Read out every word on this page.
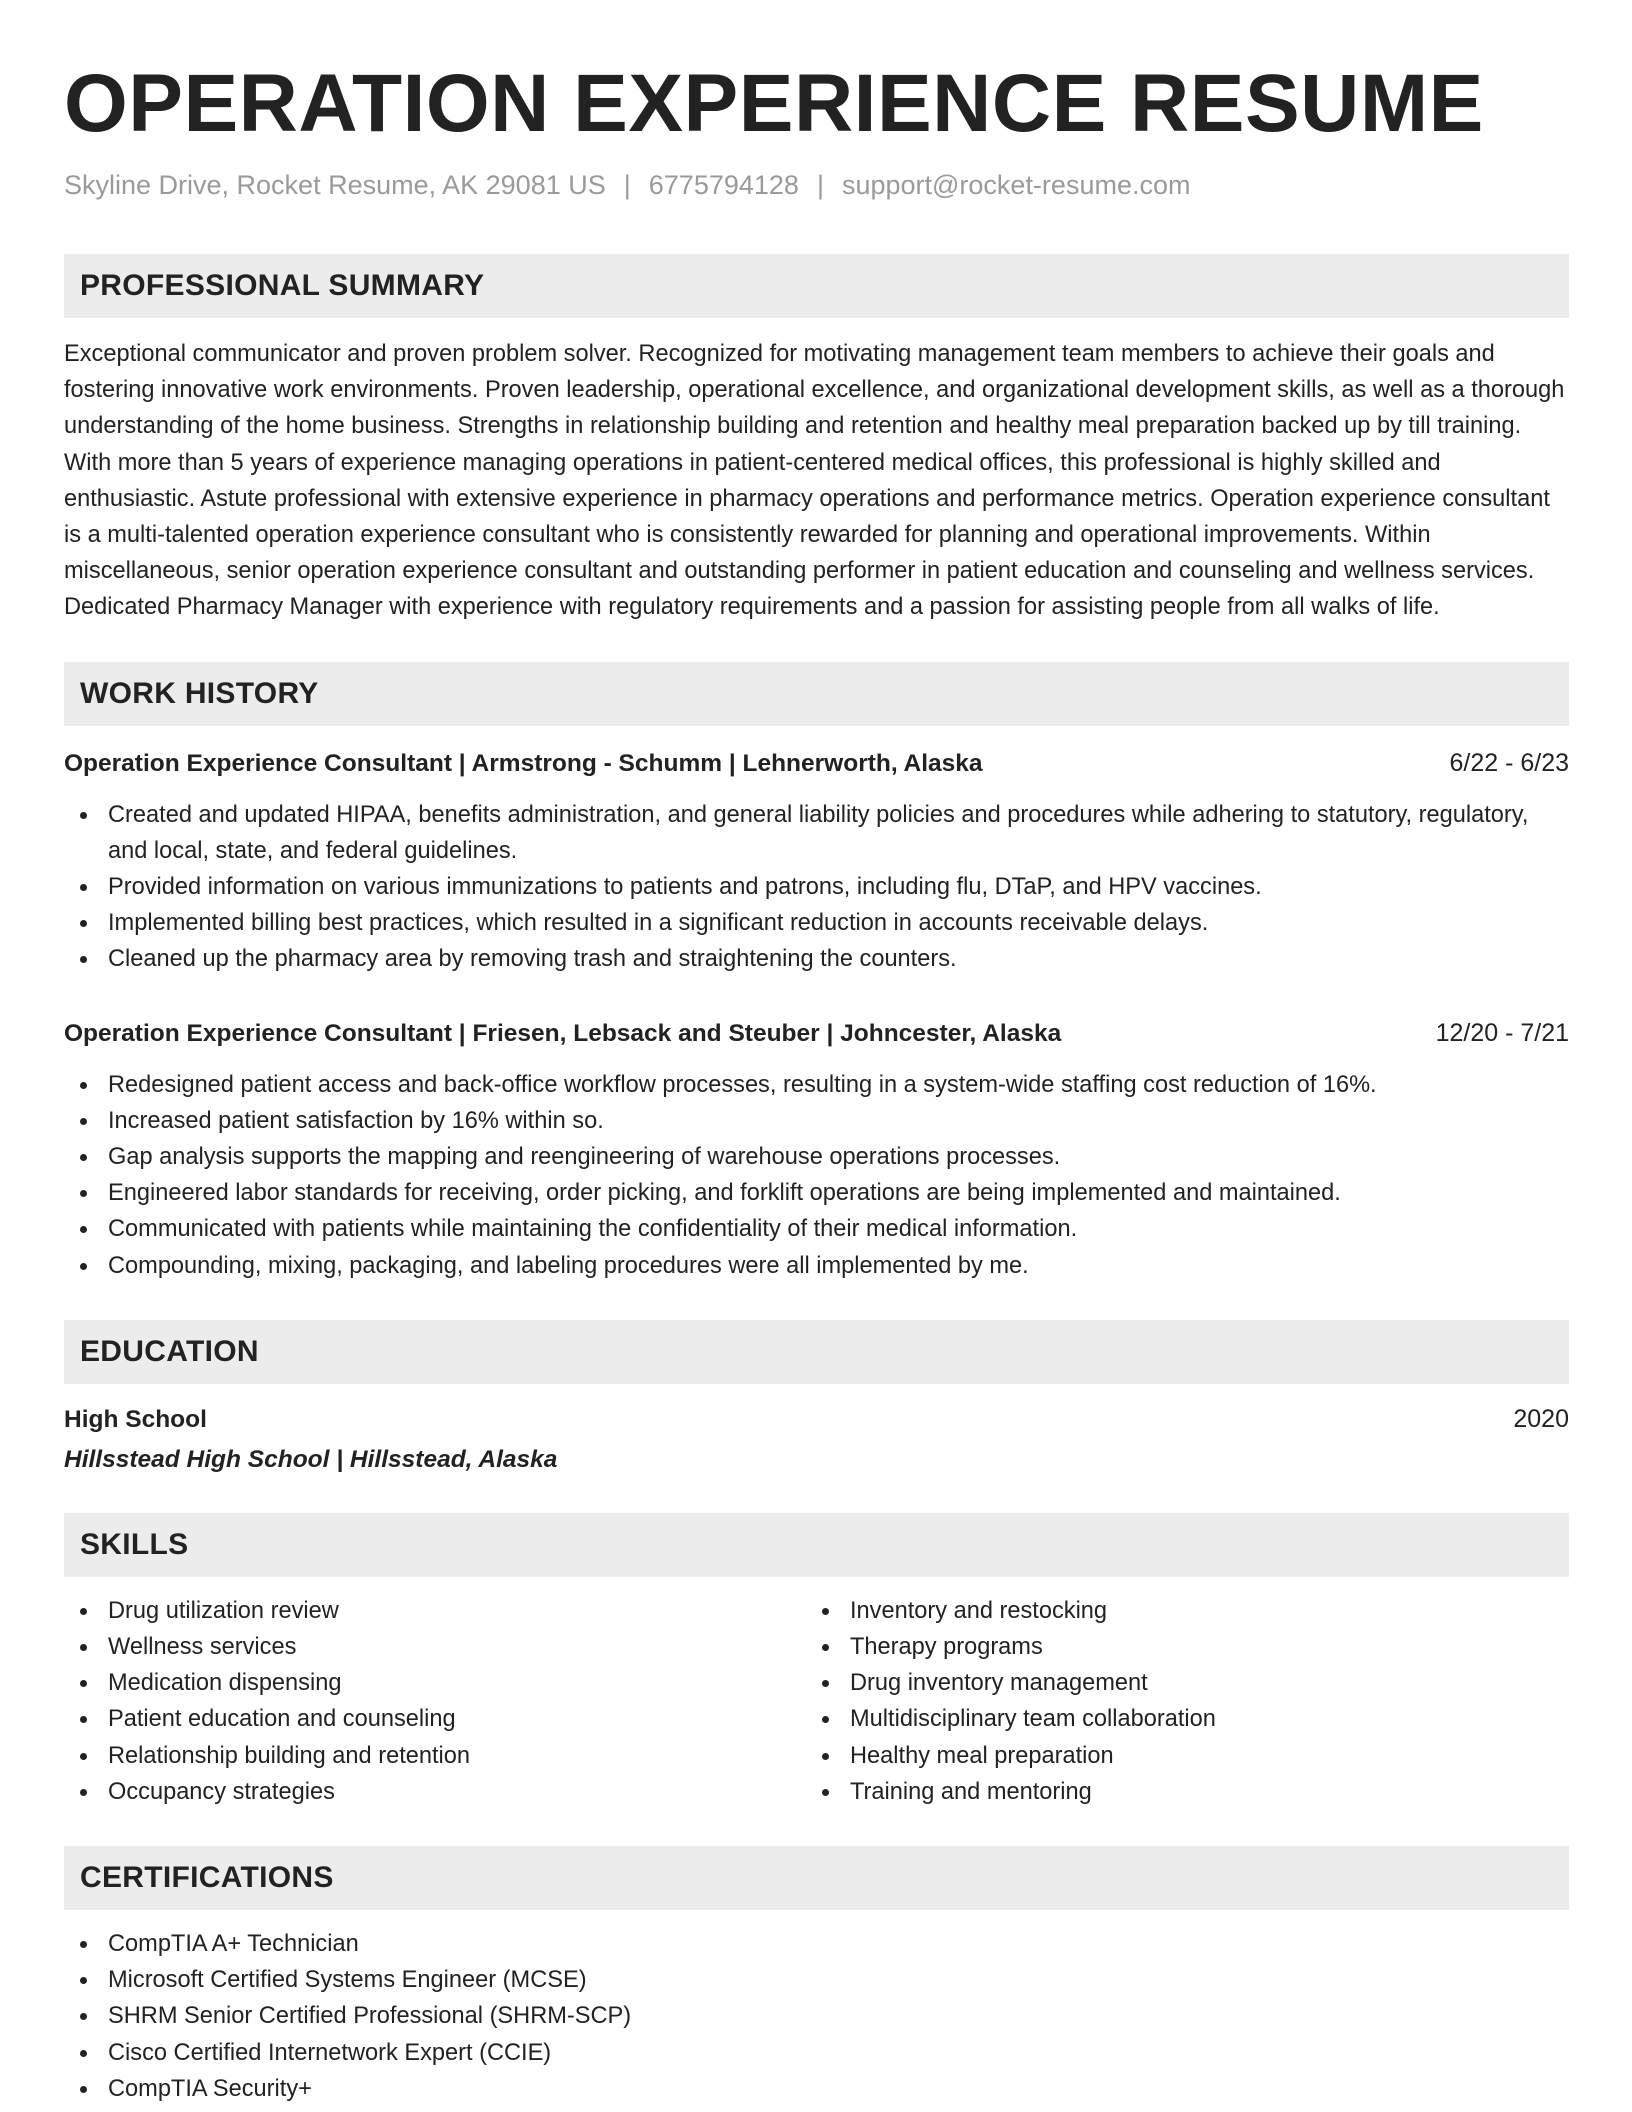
OPERATION EXPERIENCE RESUME
Skyline Drive, Rocket Resume, AK 29081 US | 6775794128 | support@rocket-resume.com
PROFESSIONAL SUMMARY

Exceptional communicator and proven problem solver. Recognized for motivating management team members to achieve their goals and fostering innovative work environments. Proven leadership, operational excellence, and organizational development skills, as well as a thorough understanding of the home business. Strengths in relationship building and retention and healthy meal preparation backed up by till training. With more than 5 years of experience managing operations in patient-centered medical offices, this professional is highly skilled and enthusiastic. Astute professional with extensive experience in pharmacy operations and performance metrics. Operation experience consultant is a multi-talented operation experience consultant who is consistently rewarded for planning and operational improvements. Within miscellaneous, senior operation experience consultant and outstanding performer in patient education and counseling and wellness services. Dedicated Pharmacy Manager with experience with regulatory requirements and a passion for assisting people from all walks of life.

WORK HISTORY
Operation Experience Consultant | Armstrong - Schumm | Lehnerworth, Alaska	6/22 - 6/23
Created and updated HIPAA, benefits administration, and general liability policies and procedures while adhering to statutory, regulatory, and local, state, and federal guidelines.
Provided information on various immunizations to patients and patrons, including flu, DTaP, and HPV vaccines.
Implemented billing best practices, which resulted in a significant reduction in accounts receivable delays.
Cleaned up the pharmacy area by removing trash and straightening the counters.
Operation Experience Consultant | Friesen, Lebsack and Steuber | Johncester, Alaska	12/20 - 7/21
Redesigned patient access and back-office workflow processes, resulting in a system-wide staffing cost reduction of 16%.
Increased patient satisfaction by 16% within so.
Gap analysis supports the mapping and reengineering of warehouse operations processes.
Engineered labor standards for receiving, order picking, and forklift operations are being implemented and maintained.
Communicated with patients while maintaining the confidentiality of their medical information.
Compounding, mixing, packaging, and labeling procedures were all implemented by me.
EDUCATION
High School	2020
Hillsstead High School | Hillsstead, Alaska
SKILLS
Drug utilization review
Wellness services
Medication dispensing
Patient education and counseling
Relationship building and retention
Occupancy strategies
Inventory and restocking
Therapy programs
Drug inventory management
Multidisciplinary team collaboration
Healthy meal preparation
Training and mentoring
CERTIFICATIONS
CompTIA A+ Technician
Microsoft Certified Systems Engineer (MCSE)
SHRM Senior Certified Professional (SHRM-SCP)
Cisco Certified Internetwork Expert (CCIE)
CompTIA Security+
